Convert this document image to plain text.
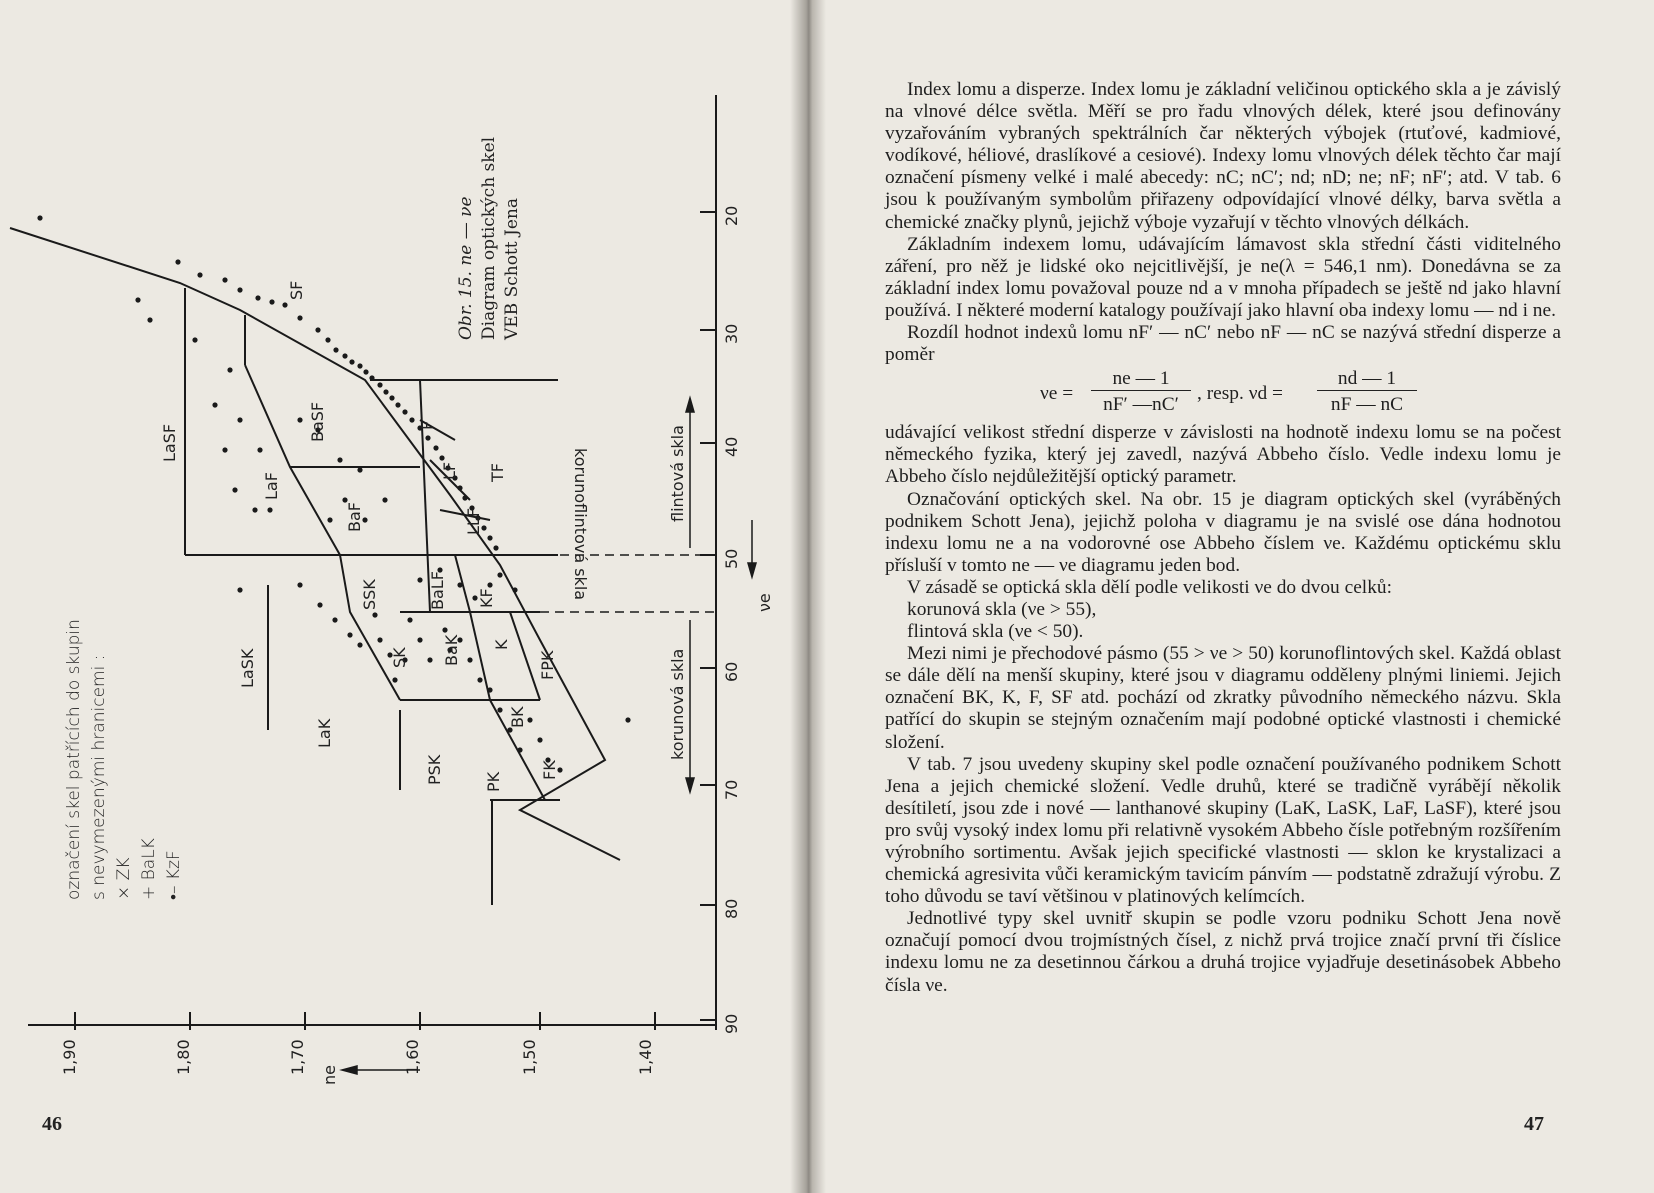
Obr. 15. ne — νe Diagram optických skel VEB Schott Jena
označení skel patřících do skupin s nevymezenými hranicemi : × ZK + BaLK •– KzF
1,90	1,80	1,70	1,60	1,50	1,40
ne
20
30
40
50
60
70
80
90
νe
flintová skla
korunoflintová skla
korunová skla
LaSF
SF
BaSF
LaF
BaF
F
LF
LLF
TF
LaSK
SSK	BaLF KF
SK BaK K
FPK
LaK
PSK	PK
BK
FK
46

Index lomu a disperze. Index lomu je základní veličinou optického skla a je závislý na vlnové délce světla. Měří se pro řadu vlnových délek, které jsou definovány vyzařováním vybraných spektrálních čar některých výbojek (rtuťové, kadmiové, vodíkové, héliové, draslíkové a cesiové). Indexy lomu vlnových délek těchto čar mají označení písmeny velké i malé abecedy: nC; nC′; nd; nD; ne; nF; nF′; atd. V tab. 6 jsou k používaným symbolům přiřazeny odpovídající vlnové délky, barva světla a chemické značky plynů, jejichž výboje vyzařují v těchto vlnových délkách.

Základním indexem lomu, udávajícím lámavost skla střední části viditelného záření, pro něž je lidské oko nejcitlivější, je ne(λ = 546,1 nm). Donedávna se za základní index lomu považoval pouze nd a v mnoha případech se ještě nd jako hlavní používá. I některé moderní katalogy používají jako hlavní oba indexy lomu — nd i ne.

Rozdíl hodnot indexů lomu nF′ — nC′ nebo nF — nC se nazývá střední disperze a poměr

νe =
ne — 1
nF′ —nC′
, resp. νd =
nd — 1
nF — nC

udávající velikost střední disperze v závislosti na hodnotě indexu lomu se na počest německého fyzika, který jej zavedl, nazývá Abbeho číslo. Vedle indexu lomu je Abbeho číslo nejdůležitější optický parametr.

Označování optických skel. Na obr. 15 je diagram optických skel (vyráběných podnikem Schott Jena), jejichž poloha v diagramu je na svislé ose dána hodnotou indexu lomu ne a na vodorovné ose Abbeho číslem νe. Každému optickému sklu přísluší v tomto ne — νe diagramu jeden bod.

V zásadě se optická skla dělí podle velikosti νe do dvou celků:

korunová skla (νe > 55),

flintová skla (νe < 50).

Mezi nimi je přechodové pásmo (55 > νe > 50) korunoflintových skel. Každá oblast se dále dělí na menší skupiny, které jsou v diagramu odděleny plnými liniemi. Jejich označení BK, K, F, SF atd. pochází od zkratky původního německého názvu. Skla patřící do skupin se stejným označením mají podobné optické vlastnosti i chemické složení.

V tab. 7 jsou uvedeny skupiny skel podle označení používaného podnikem Schott Jena a jejich chemické složení. Vedle druhů, které se tradičně vyrábějí několik desítiletí, jsou zde i nové — lanthanové skupiny (LaK, LaSK, LaF, LaSF), které jsou pro svůj vysoký index lomu při relativně vysokém Abbeho čísle potřebným rozšířením výrobního sortimentu. Avšak jejich specifické vlastnosti — sklon ke krystalizaci a chemická agresivita vůči keramickým tavicím pánvím — podstatně zdražují výrobu. Z toho důvodu se taví většinou v platinových kelímcích.

Jednotlivé typy skel uvnitř skupin se podle vzoru podniku Schott Jena nově označují pomocí dvou trojmístných čísel, z nichž prvá trojice značí první tři číslice indexu lomu ne za desetinnou čárkou a druhá trojice vyjadřuje desetinásobek Abbeho čísla νe.

47
